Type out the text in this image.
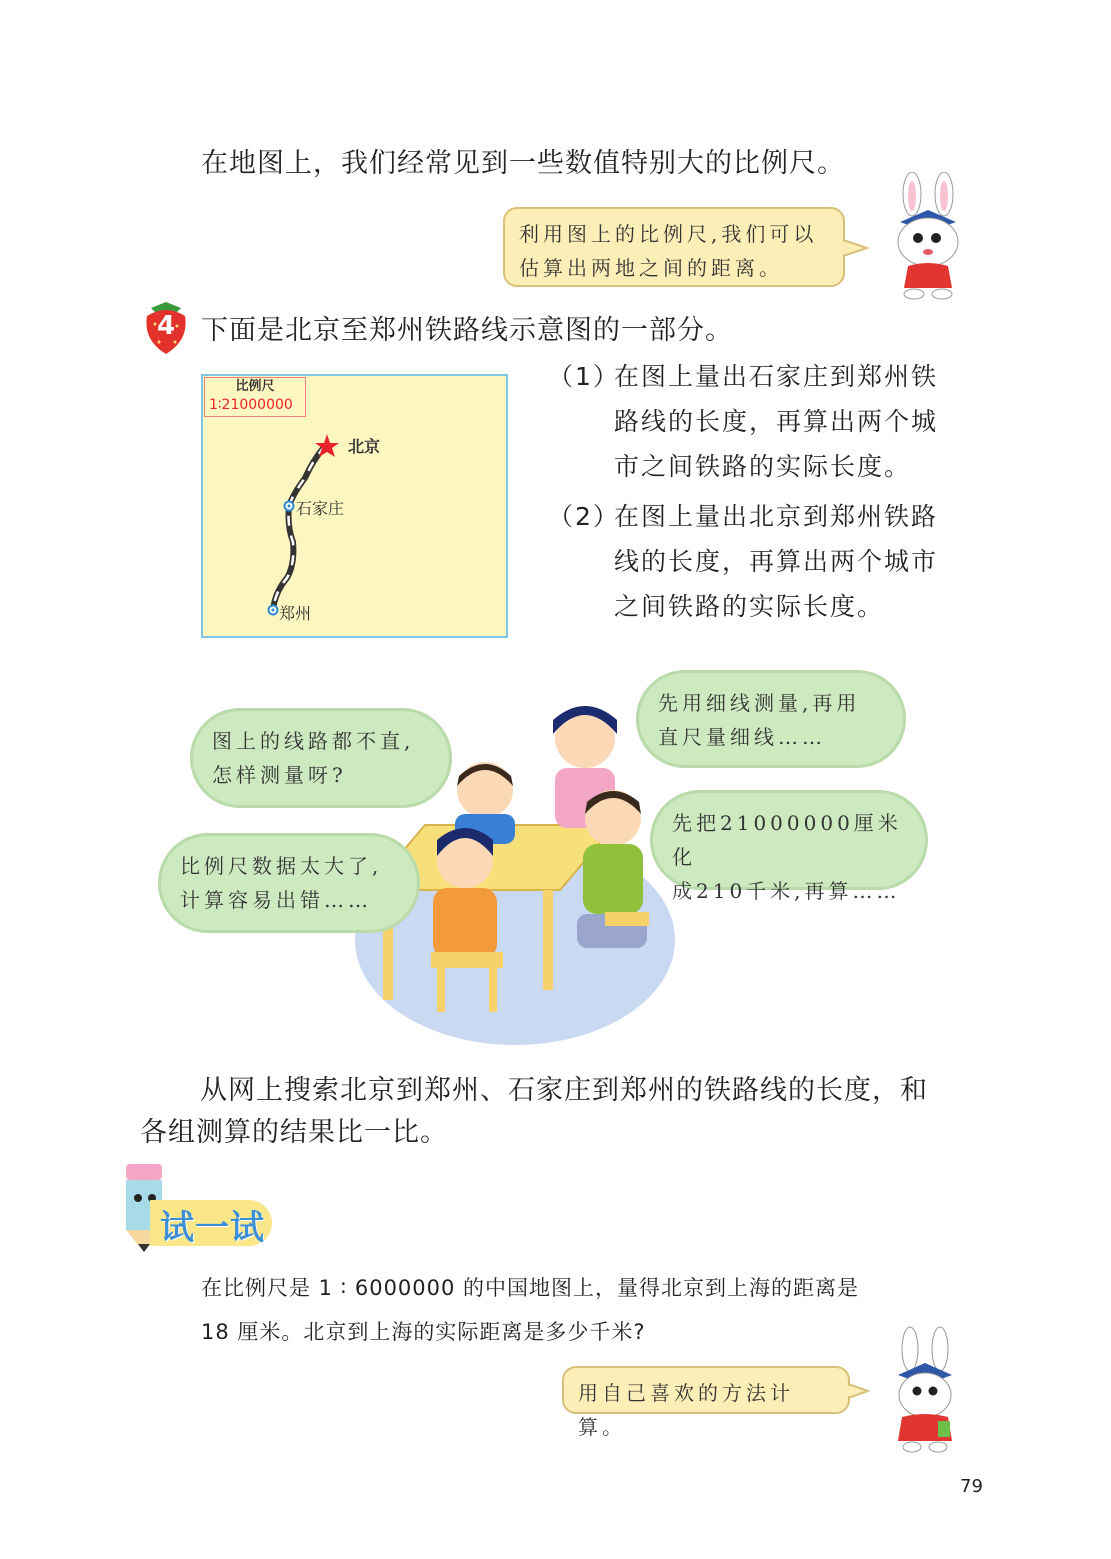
在地图上，我们经常见到一些数值特别大的比例尺。
利用图上的比例尺,我们可以
估算出两地之间的距离。
4 下面是北京至郑州铁路线示意图的一部分。
比例尺
1∶21000000
北京
石家庄
郑州
（1）在图上量出石家庄到郑州铁
路线的长度，再算出两个城
市之间铁路的实际长度。
（2）在图上量出北京到郑州铁路
线的长度，再算出两个城市
之间铁路的实际长度。
图上的线路都不直,
怎样测量呀?
先用细线测量,再用
直尺量细线……
比例尺数据太大了,
计算容易出错……
先把21000000厘米化
成210千米,再算……
从网上搜索北京到郑州、石家庄到郑州的铁路线的长度，和
各组测算的结果比一比。
试一试
在比例尺是 1 ∶ 6000000 的中国地图上，量得北京到上海的距离是
18 厘米。北京到上海的实际距离是多少千米?
用自己喜欢的方法计算。
79
